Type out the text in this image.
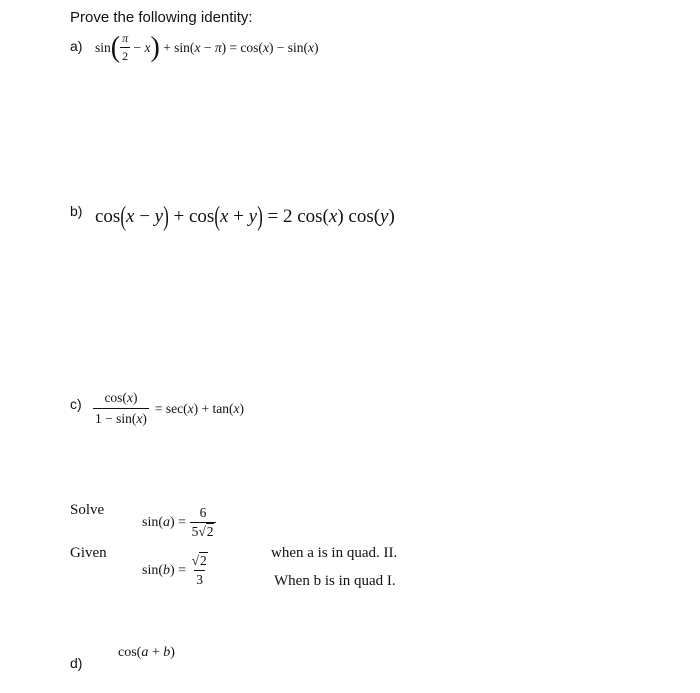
Prove the following identity:
a) sin ( $\frac{\pi}{2} - x$ ) + sin(x − π) = cos(x) − sin(x)
b) cos(x − y) + cos(x + y) = 2 cos(x) cos(y)
$c) \frac{\cos(x)}{1 - \sin(x)} = \sec(x) + \tan(x)$
Solve
Given
$\sin(a) = \frac{6}{5√2}$
$\sin(b) = \frac{√2}{3}$	when a is in quad. II.
When b is in quad I.
cos(a + b)
d)
